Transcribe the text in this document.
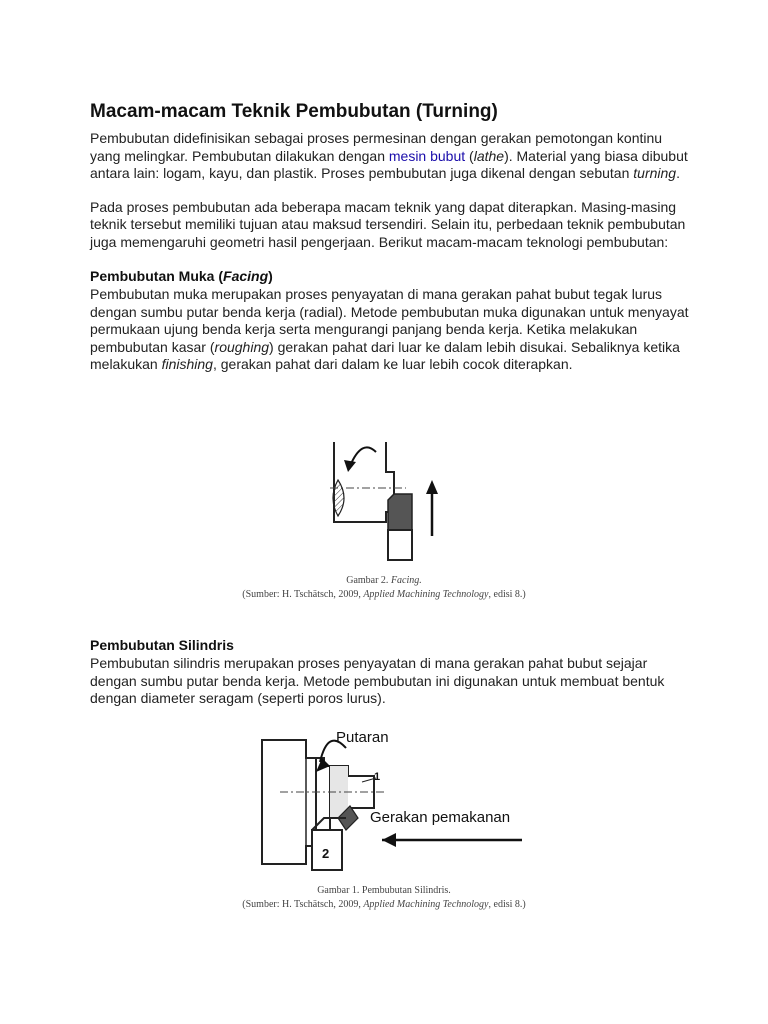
Macam-macam Teknik Pembubutan (Turning)

Pembubutan didefinisikan sebagai proses permesinan dengan gerakan pemotongan kontinu yang melingkar. Pembubutan dilakukan dengan mesin bubut (lathe). Material yang biasa dibubut antara lain: logam, kayu, dan plastik. Proses pembubutan juga dikenal dengan sebutan turning.

Pada proses pembubutan ada beberapa macam teknik yang dapat diterapkan. Masing-masing teknik tersebut memiliki tujuan atau maksud tersendiri. Selain itu, perbedaan teknik pembubutan juga memengaruhi geometri hasil pengerjaan. Berikut macam-macam teknologi pembubutan:

Pembubutan Muka (Facing)

Pembubutan muka merupakan proses penyayatan di mana gerakan pahat bubut tegak lurus dengan sumbu putar benda kerja (radial). Metode pembubutan muka digunakan untuk menyayat permukaan ujung benda kerja serta mengurangi panjang benda kerja. Ketika melakukan pembubutan kasar (roughing) gerakan pahat dari luar ke dalam lebih disukai. Sebaliknya ketika melakukan finishing, gerakan pahat dari dalam ke luar lebih cocok diterapkan.

Gambar 2. Facing.
(Sumber: H. Tschätsch, 2009, Applied Machining Technology, edisi 8.)
Pembubutan Silindris

Pembubutan silindris merupakan proses penyayatan di mana gerakan pahat bubut sejajar dengan sumbu putar benda kerja. Metode pembubutan ini digunakan untuk membuat bentuk dengan diameter seragam (seperti poros lurus).

1
Putaran
2
Gerakan pemakanan
Gambar 1. Pembubutan Silindris.
(Sumber: H. Tschätsch, 2009, Applied Machining Technology, edisi 8.)
